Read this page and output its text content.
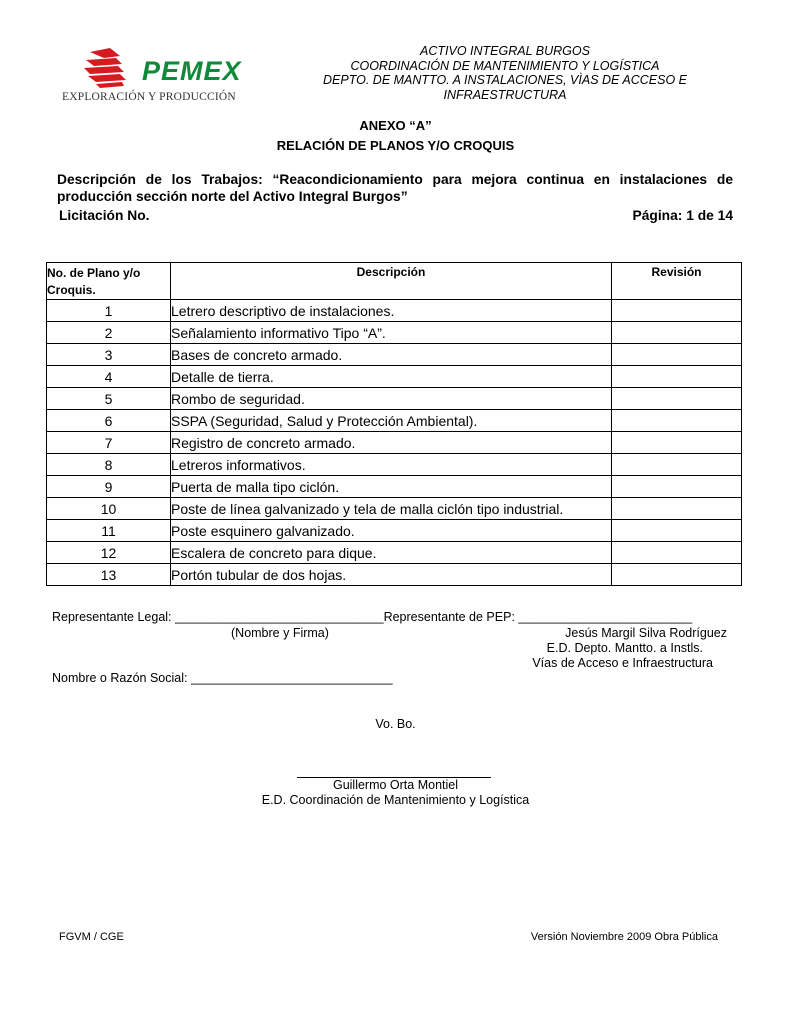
PEMEX
EXPLORACIÓN Y PRODUCCIÓN
ACTIVO INTEGRAL BURGOS
COORDINACIÓN DE MANTENIMIENTO Y LOGÍSTICA
DEPTO. DE MANTTO. A INSTALACIONES, VÌAS DE ACCESO E
INFRAESTRUCTURA
ANEXO “A”
RELACIÓN DE PLANOS Y/O CROQUIS
Descripción de los Trabajos: “Reacondicionamiento para mejora continua en instalaciones de producción sección norte del Activo Integral Burgos”
Licitación No.	Página: 1 de 14
No. de Plano y/o Croquis.	Descripción	Revisión
1	Letrero descriptivo de instalaciones.	
2	Señalamiento informativo Tipo “A”.	
3	Bases de concreto armado.	
4	Detalle de tierra.	
5	Rombo de seguridad.	
6	SSPA (Seguridad, Salud y Protección Ambiental).	
7	Registro de concreto armado.	
8	Letreros informativos.	
9	Puerta de malla tipo ciclón.	
10	Poste de línea galvanizado y tela de malla ciclón tipo industrial.	
11	Poste esquinero galvanizado.	
12	Escalera de concreto para dique.	
13	Portón tubular de dos hojas.	
Representante Legal: ______________________________Representante de PEP: _________________________
(Nombre y Firma)	Jesús Margil Silva Rodríguez
E.D. Depto. Mantto. a Instls.
Vías de Acceso e Infraestructura
Nombre o Razón Social: _____________________________
Vo. Bo.
Guillermo Orta Montiel
E.D. Coordinación de Mantenimiento y Logística
FGVM / CGE	Versión Noviembre 2009 Obra Pública
